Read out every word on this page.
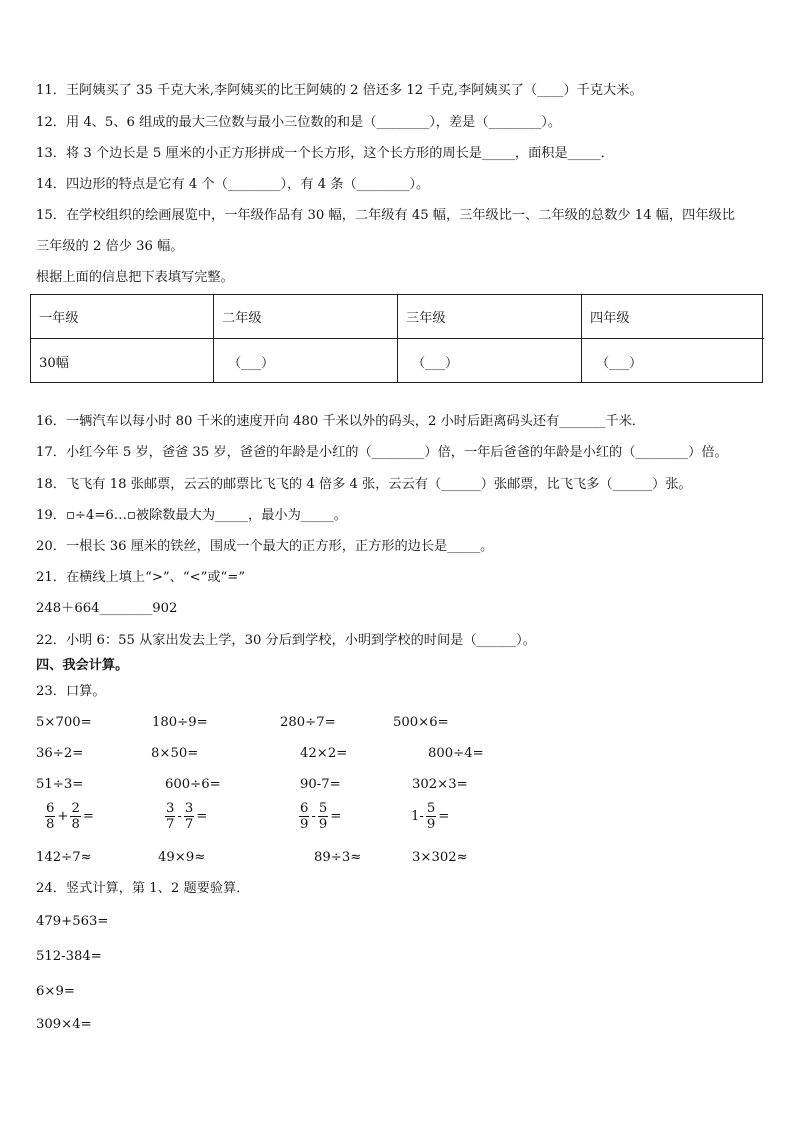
11．王阿姨买了 35 千克大米,李阿姨买的比王阿姨的 2 倍还多 12 千克,李阿姨买了（____）千克大米。
12．用 4、5、6 组成的最大三位数与最小三位数的和是（________），差是（________）。
13．将 3 个边长是 5 厘米的小正方形拼成一个长方形，这个长方形的周长是_____，面积是_____．
14．四边形的特点是它有 4 个（________），有 4 条（________）。
15．在学校组织的绘画展览中，一年级作品有 30 幅，二年级有 45 幅，三年级比一、二年级的总数少 14 幅，四年级比
三年级的 2 倍少 36 幅。
根据上面的信息把下表填写完整。
一年级	二年级	三年级	四年级
30幅	（___）	（___）	（___）
16．一辆汽车以每小时 80 千米的速度开向 480 千米以外的码头，2 小时后距离码头还有_______千米．
17．小红今年 5 岁，爸爸 35 岁，爸爸的年龄是小红的（________）倍，一年后爸爸的年龄是小红的（________）倍。
18．飞飞有 18 张邮票，云云的邮票比飞飞的 4 倍多 4 张，云云有（______）张邮票，比飞飞多（______）张。
19．▫÷4=6…▫被除数最大为_____，最小为_____。
20．一根长 36 厘米的铁丝，围成一个最大的正方形，正方形的边长是_____。
21．在横线上填上“>”、“<”或“=”
248＋664________902
22．小明 6：55 从家出发去上学，30 分后到学校，小明到学校的时间是（______）。
四、我会计算。
23．口算。
5×700=	180÷9=	280÷7=	500×6=
36÷2=	8×50=	42×2=	800÷4=
51÷3=	600÷6=	90-7=	302×3=
$\frac{6}{8} + \frac{2}{8}$ =	$\frac{3}{7} - \frac{3}{7}$ =	$\frac{6}{9} - \frac{5}{9}$ =	$1- \frac{5}{9}$ =
142÷7≈	49×9≈	89÷3≈	3×302≈
24．竖式计算，第 1、2 题要验算．
479+563=
512-384=
6×9=
309×4=
